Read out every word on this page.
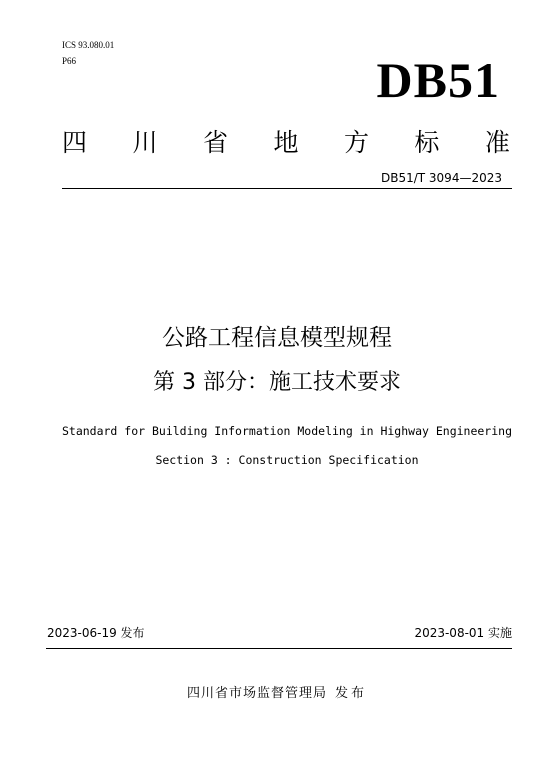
ICS 93.080.01
P66	DB51
四 川 省 地 方 标 准
DB51/T 3094—2023
公路工程信息模型规程
第 3 部分：施工技术要求
Standard for Building Information Modeling in Highway Engineering
Section 3 : Construction Specification
2023-06-19 发布	2023-08-01 实施
四川省市场监督管理局 发布
